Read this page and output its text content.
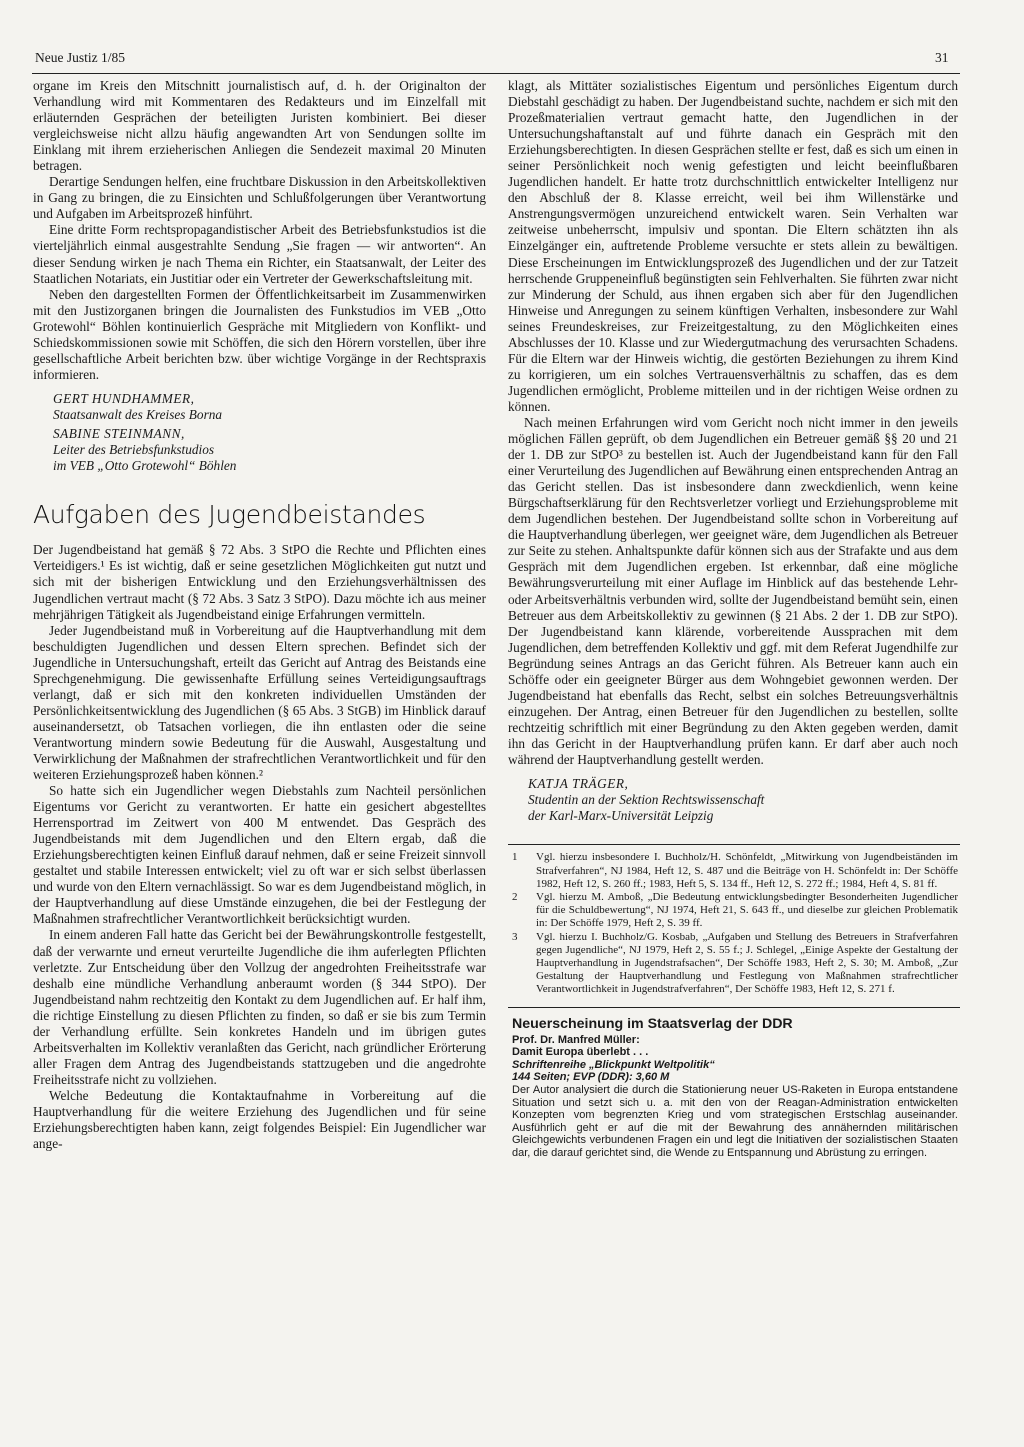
Neue Justiz 1/85	31

organe im Kreis den Mitschnitt journalistisch auf, d. h. der Originalton der Verhandlung wird mit Kommentaren des Redakteurs und im Einzelfall mit erläuternden Gesprächen der beteiligten Juristen kombiniert. Bei dieser vergleichsweise nicht allzu häufig angewandten Art von Sendungen sollte im Einklang mit ihrem erzieherischen Anliegen die Sendezeit maximal 20 Minuten betragen.

Derartige Sendungen helfen, eine fruchtbare Diskussion in den Arbeitskollektiven in Gang zu bringen, die zu Einsichten und Schlußfolgerungen über Verantwortung und Aufgaben im Arbeitsprozeß hinführt.

Eine dritte Form rechtspropagandistischer Arbeit des Betriebsfunkstudios ist die vierteljährlich einmal ausgestrahlte Sendung „Sie fragen — wir antworten“. An dieser Sendung wirken je nach Thema ein Richter, ein Staatsanwalt, der Leiter des Staatlichen Notariats, ein Justitiar oder ein Vertreter der Gewerkschaftsleitung mit.

Neben den dargestellten Formen der Öffentlichkeitsarbeit im Zusammenwirken mit den Justizorganen bringen die Journalisten des Funkstudios im VEB „Otto Grotewohl“ Böhlen kontinuierlich Gespräche mit Mitgliedern von Konflikt- und Schiedskommissionen sowie mit Schöffen, die sich den Hörern vorstellen, über ihre gesellschaftliche Arbeit berichten bzw. über wichtige Vorgänge in der Rechtspraxis informieren.

GERT HUNDHAMMER,
Staatsanwalt des Kreises Borna
SABINE STEINMANN,
Leiter des Betriebsfunkstudios
im VEB „Otto Grotewohl“ Böhlen
Aufgaben des Jugendbeistandes

Der Jugendbeistand hat gemäß § 72 Abs. 3 StPO die Rechte und Pflichten eines Verteidigers.¹ Es ist wichtig, daß er seine gesetzlichen Möglichkeiten gut nutzt und sich mit der bisherigen Entwicklung und den Erziehungsverhältnissen des Jugendlichen vertraut macht (§ 72 Abs. 3 Satz 3 StPO). Dazu möchte ich aus meiner mehrjährigen Tätigkeit als Jugendbeistand einige Erfahrungen vermitteln.

Jeder Jugendbeistand muß in Vorbereitung auf die Hauptverhandlung mit dem beschuldigten Jugendlichen und dessen Eltern sprechen. Befindet sich der Jugendliche in Untersuchungshaft, erteilt das Gericht auf Antrag des Beistands eine Sprechgenehmigung. Die gewissenhafte Erfüllung seines Verteidigungsauftrags verlangt, daß er sich mit den konkreten individuellen Umständen der Persönlichkeitsentwicklung des Jugendlichen (§ 65 Abs. 3 StGB) im Hinblick darauf auseinandersetzt, ob Tatsachen vorliegen, die ihn entlasten oder die seine Verantwortung mindern sowie Bedeutung für die Auswahl, Ausgestaltung und Verwirklichung der Maßnahmen der strafrechtlichen Verantwortlichkeit und für den weiteren Erziehungsprozeß haben können.²

So hatte sich ein Jugendlicher wegen Diebstahls zum Nachteil persönlichen Eigentums vor Gericht zu verantworten. Er hatte ein gesichert abgestelltes Herrensportrad im Zeitwert von 400 M entwendet. Das Gespräch des Jugendbeistands mit dem Jugendlichen und den Eltern ergab, daß die Erziehungsberechtigten keinen Einfluß darauf nehmen, daß er seine Freizeit sinnvoll gestaltet und stabile Interessen entwickelt; viel zu oft war er sich selbst überlassen und wurde von den Eltern vernachlässigt. So war es dem Jugendbeistand möglich, in der Hauptverhandlung auf diese Umstände einzugehen, die bei der Festlegung der Maßnahmen strafrechtlicher Verantwortlichkeit berücksichtigt wurden.

In einem anderen Fall hatte das Gericht bei der Bewährungskontrolle festgestellt, daß der verwarnte und erneut verurteilte Jugendliche die ihm auferlegten Pflichten verletzte. Zur Entscheidung über den Vollzug der angedrohten Freiheitsstrafe war deshalb eine mündliche Verhandlung anberaumt worden (§ 344 StPO). Der Jugendbeistand nahm rechtzeitig den Kontakt zu dem Jugendlichen auf. Er half ihm, die richtige Einstellung zu diesen Pflichten zu finden, so daß er sie bis zum Termin der Verhandlung erfüllte. Sein konkretes Handeln und im übrigen gutes Arbeitsverhalten im Kollektiv veranlaßten das Gericht, nach gründlicher Erörterung aller Fragen dem Antrag des Jugendbeistands stattzugeben und die angedrohte Freiheitsstrafe nicht zu vollziehen.

Welche Bedeutung die Kontaktaufnahme in Vorbereitung auf die Hauptverhandlung für die weitere Erziehung des Jugendlichen und für seine Erziehungsberechtigten haben kann, zeigt folgendes Beispiel: Ein Jugendlicher war ange-

klagt, als Mittäter sozialistisches Eigentum und persönliches Eigentum durch Diebstahl geschädigt zu haben. Der Jugendbeistand suchte, nachdem er sich mit den Prozeßmaterialien vertraut gemacht hatte, den Jugendlichen in der Untersuchungshaftanstalt auf und führte danach ein Gespräch mit den Erziehungsberechtigten. In diesen Gesprächen stellte er fest, daß es sich um einen in seiner Persönlichkeit noch wenig gefestigten und leicht beeinflußbaren Jugendlichen handelt. Er hatte trotz durchschnittlich entwickelter Intelligenz nur den Abschluß der 8. Klasse erreicht, weil bei ihm Willenstärke und Anstrengungsvermögen unzureichend entwickelt waren. Sein Verhalten war zeitweise unbeherrscht, impulsiv und spontan. Die Eltern schätzten ihn als Einzelgänger ein, auftretende Probleme versuchte er stets allein zu bewältigen. Diese Erscheinungen im Entwicklungsprozeß des Jugendlichen und der zur Tatzeit herrschende Gruppeneinfluß begünstigten sein Fehlverhalten. Sie führten zwar nicht zur Minderung der Schuld, aus ihnen ergaben sich aber für den Jugendlichen Hinweise und Anregungen zu seinem künftigen Verhalten, insbesondere zur Wahl seines Freundeskreises, zur Freizeitgestaltung, zu den Möglichkeiten eines Abschlusses der 10. Klasse und zur Wiedergutmachung des verursachten Schadens. Für die Eltern war der Hinweis wichtig, die gestörten Beziehungen zu ihrem Kind zu korrigieren, um ein solches Vertrauensverhältnis zu schaffen, das es dem Jugendlichen ermöglicht, Probleme mitteilen und in der richtigen Weise ordnen zu können.

Nach meinen Erfahrungen wird vom Gericht noch nicht immer in den jeweils möglichen Fällen geprüft, ob dem Jugendlichen ein Betreuer gemäß §§ 20 und 21 der 1. DB zur StPO³ zu bestellen ist. Auch der Jugendbeistand kann für den Fall einer Verurteilung des Jugendlichen auf Bewährung einen entsprechenden Antrag an das Gericht stellen. Das ist insbesondere dann zweckdienlich, wenn keine Bürgschaftserklärung für den Rechtsverletzer vorliegt und Erziehungsprobleme mit dem Jugendlichen bestehen. Der Jugendbeistand sollte schon in Vorbereitung auf die Hauptverhandlung überlegen, wer geeignet wäre, dem Jugendlichen als Betreuer zur Seite zu stehen. Anhaltspunkte dafür können sich aus der Strafakte und aus dem Gespräch mit dem Jugendlichen ergeben. Ist erkennbar, daß eine mögliche Bewährungsverurteilung mit einer Auflage im Hinblick auf das bestehende Lehr- oder Arbeitsverhältnis verbunden wird, sollte der Jugendbeistand bemüht sein, einen Betreuer aus dem Arbeitskollektiv zu gewinnen (§ 21 Abs. 2 der 1. DB zur StPO). Der Jugendbeistand kann klärende, vorbereitende Aussprachen mit dem Jugendlichen, dem betreffenden Kollektiv und ggf. mit dem Referat Jugendhilfe zur Begründung seines Antrags an das Gericht führen. Als Betreuer kann auch ein Schöffe oder ein geeigneter Bürger aus dem Wohngebiet gewonnen werden. Der Jugendbeistand hat ebenfalls das Recht, selbst ein solches Betreuungsverhältnis einzugehen. Der Antrag, einen Betreuer für den Jugendlichen zu bestellen, sollte rechtzeitig schriftlich mit einer Begründung zu den Akten gegeben werden, damit ihn das Gericht in der Hauptverhandlung prüfen kann. Er darf aber auch noch während der Hauptverhandlung gestellt werden.

KATJA TRÄGER,
Studentin an der Sektion Rechtswissenschaft
der Karl-Marx-Universität Leipzig
1	Vgl. hierzu insbesondere I. Buchholz/H. Schönfeldt, „Mitwirkung von Jugendbeiständen im Strafverfahren“, NJ 1984, Heft 12, S. 487 und die Beiträge von H. Schönfeldt in: Der Schöffe 1982, Heft 12, S. 260 ff.; 1983, Heft 5, S. 134 ff., Heft 12, S. 272 ff.; 1984, Heft 4, S. 81 ff.
2	Vgl. hierzu M. Amboß, „Die Bedeutung entwicklungsbedingter Besonderheiten Jugendlicher für die Schuldbewertung“, NJ 1974, Heft 21, S. 643 ff., und dieselbe zur gleichen Problematik in: Der Schöffe 1979, Heft 2, S. 39 ff.
3	Vgl. hierzu I. Buchholz/G. Kosbab, „Aufgaben und Stellung des Betreuers in Strafverfahren gegen Jugendliche“, NJ 1979, Heft 2, S. 55 f.; J. Schlegel, „Einige Aspekte der Gestaltung der Hauptverhandlung in Jugendstrafsachen“, Der Schöffe 1983, Heft 2, S. 30; M. Amboß, „Zur Gestaltung der Hauptverhandlung und Festlegung von Maßnahmen strafrechtlicher Verantwortlichkeit in Jugendstrafverfahren“, Der Schöffe 1983, Heft 12, S. 271 f.
Neuerscheinung im Staatsverlag der DDR
Prof. Dr. Manfred Müller:
Damit Europa überlebt . . .
Schriftenreihe „Blickpunkt Weltpolitik“
144 Seiten; EVP (DDR): 3,60 M
Der Autor analysiert die durch die Stationierung neuer US-Raketen in Europa entstandene Situation und setzt sich u. a. mit den von der Reagan-Administration entwickelten Konzepten vom begrenzten Krieg und vom strategischen Erstschlag auseinander. Ausführlich geht er auf die mit der Bewahrung des annähernden militärischen Gleichgewichts verbundenen Fragen ein und legt die Initiativen der sozialistischen Staaten dar, die darauf gerichtet sind, die Wende zu Entspannung und Abrüstung zu erringen.
